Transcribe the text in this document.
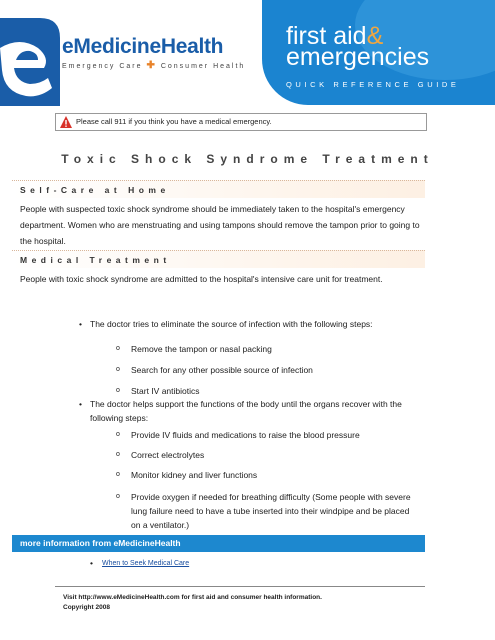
eMedicineHealth
Emergency Care ✚ Consumer Health
first aid&
emergencies
QUICK REFERENCE GUIDE
Please call 911 if you think you have a medical emergency.
Toxic Shock Syndrome Treatment
Self-Care at Home
People with suspected toxic shock syndrome should be immediately taken to the hospital's emergency department. Women who are menstruating and using tampons should remove the tampon prior to going to the hospital.
Medical Treatment
People with toxic shock syndrome are admitted to the hospital's intensive care unit for treatment.
• The doctor tries to eliminate the source of infection with the following steps:
o Remove the tampon or nasal packing
o Search for any other possible source of infection
o Start IV antibiotics
• The doctor helps support the functions of the body until the organs recover with the following steps:
o Provide IV fluids and medications to raise the blood pressure
o Correct electrolytes
o Monitor kidney and liver functions
o Provide oxygen if needed for breathing difficulty (Some people with severe lung failure need to have a tube inserted into their windpipe and be placed on a ventilator.)
more information from eMedicineHealth
• When to Seek Medical Care
Visit http://www.eMedicineHealth.com for first aid and consumer health information.
Copyright 2008
